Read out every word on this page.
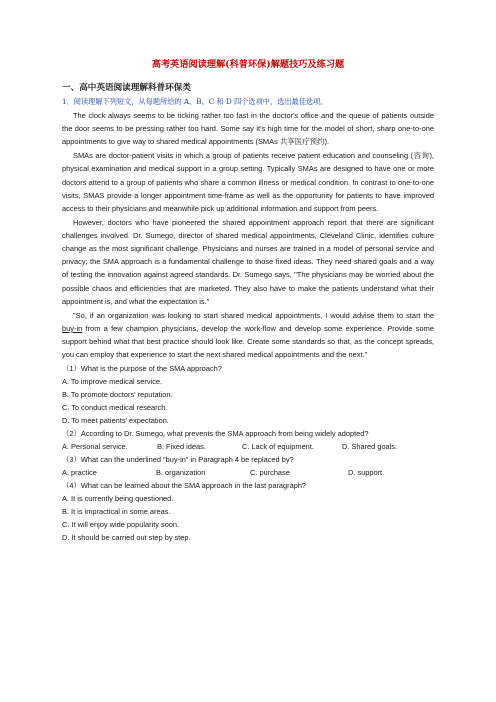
高考英语阅读理解(科普环保)解题技巧及练习题
一、高中英语阅读理解科普环保类
1．阅读理解下列短文，从每题所给的 A、B、C 和 D 四个选项中，选出最佳选项。

The clock always seems to be ticking rather too fast in the doctor's office and the queue of patients outside the door seems to be pressing rather too hard. Some say it's high time for the model of short, sharp one-to-one appointments to give way to shared medical appointments (SMAs 共享医疗预约).

SMAs are doctor-patient visits in which a group of patients receive patient education and counseling (咨询), physical examination and medical support in a group setting. Typically SMAs are designed to have one or more doctors attend to a group of patients who share a common illness or medical condition. In contrast to one-to-one visits, SMAS provide a longer appointment time-frame as well as the opportunity for patients to have improved access to their physicians and meanwhile pick up additional information and support from peers.

However, doctors who have pioneered the shared appointment approach report that there are significant challenges involved. Dr. Sumego, director of shared medical appointments, Cleveland Clinic, identifies culture change as the most significant challenge. Physicians and nurses are trained in a model of personal service and privacy; the SMA approach is a fundamental challenge to those fixed ideas. They need shared goals and a way of testing the innovation against agreed standards. Dr. Sumego says, "The physicians may be worried about the possible chaos and efficiencies that are marketed. They also have to make the patients understand what their appointment is, and what the expectation is."

"So, if an organization was looking to start shared medical appointments, I would advise them to start the buy-in from a few champion physicians, develop the work-flow and develop some experience. Provide some support behind what that best practice should look like. Create some standards so that, as the concept spreads, you can employ that experience to start the next shared medical appointments and the next."

（1）What is the purpose of the SMA approach?
A. To improve medical service.
B. To promote doctors' reputation.
C. To conduct medical research.
D. To meet patients' expectation.
（2）According to Dr. Sumego, what prevents the SMA approach from being widely adopted?
A. Personal service.	B. Fixed ideas.	C. Lack of equipment.	D. Shared goals.
（3）What can the underlined "buy-in" in Paragraph 4 be replaced by?
A. practice	B. organization	C. purchase	D. support
（4）What can be learned about the SMA approach in the last paragraph?
A. It is currently being questioned.
B. It is impractical in some areas.
C. It will enjoy wide popularity soon.
D. It should be carried out step by step.
